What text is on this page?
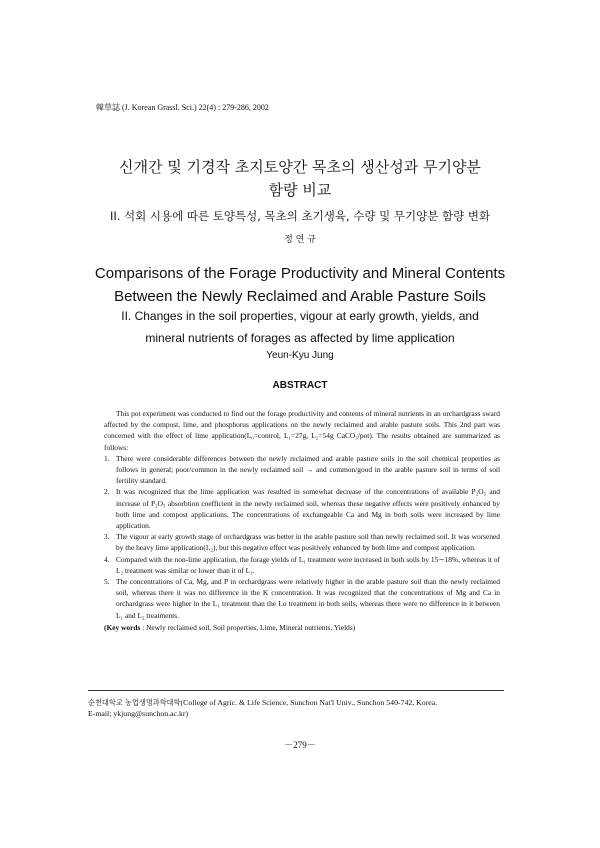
韓草誌 (J. Korean Grassl. Sci.) 22(4) : 279-286, 2002
신개간 및 기경작 초지토양간 목초의 생산성과 무기양분
함량 비교
II. 석회 시용에 따른 토양특성, 목초의 초기생육, 수량 및 무기양분 함량 변화
정 연 규
Comparisons of the Forage Productivity and Mineral Contents
Between the Newly Reclaimed and Arable Pasture Soils
II. Changes in the soil properties, vigour at early growth, yields, and
mineral nutrients of forages as affected by lime application
Yeun-Kyu Jung
ABSTRACT

This pot experiment was conducted to find out the forage productivity and contents of mineral nutrients in an orchardgrass sward affected by the compost, lime, and phosphorus applications on the newly reclaimed and arable pasture soils. This 2nd part was concerned with the effect of lime application(L₀=control, L₁=27g, L₂=54g CaCO₃/pot). The results obtained are summarized as follows:

1. There were considerable differences between the newly reclaimed and arable pasture soils in the soil chemical properties as follows in general; poor/common in the newly reclaimed soil → and common/good in the arable pasture soil in terms of soil fertility standard.
2. It was recognized that the lime application was resulted in somewhat decrease of the concentrations of available P₂O₅ and increase of P₂O₅ absorbtion coefficient in the newly reclaimed soil, whereas these negative effects were positively enhanced by both lime and compost applications. The concentrations of exchangeable Ca and Mg in both soils were increased by lime application.
3. The vigour at early growth stage of orchardgrass was better in the arable pasture soil than newly reclaimed soil. It was worsened by the heavy lime application(L₂), but this negative effect was positively enhanced by both lime and compost application.
4. Compared with the non-lime application, the forage yields of L₁ treatment were increased in both soils by 15∼18%, whereas it of L₂ treatment was similar or lower than it of L₁.
5. The concentrations of Ca, Mg, and P in orchardgrass were relatively higher in the arable pasture soil than the newly reclaimed soil, whereas there it was no difference in the K concentration. It was recognized that the concentrations of Mg and Ca in orchardgrass were higher in the L₁ treatment than the Lo treatment in both soils, whereas there were no difference in it between L₁ and L₂ treatments.

(Key words : Newly reclaimed soil, Soil properties, Lime, Mineral nutrients, Yields)

순천대학교 농업생명과학대학(College of Agric. & Life Science, Sunchon Nat'l Univ., Sunchon 540-742, Korea.
E-mail; ykjung@sunchon.ac.kr)
－279－
